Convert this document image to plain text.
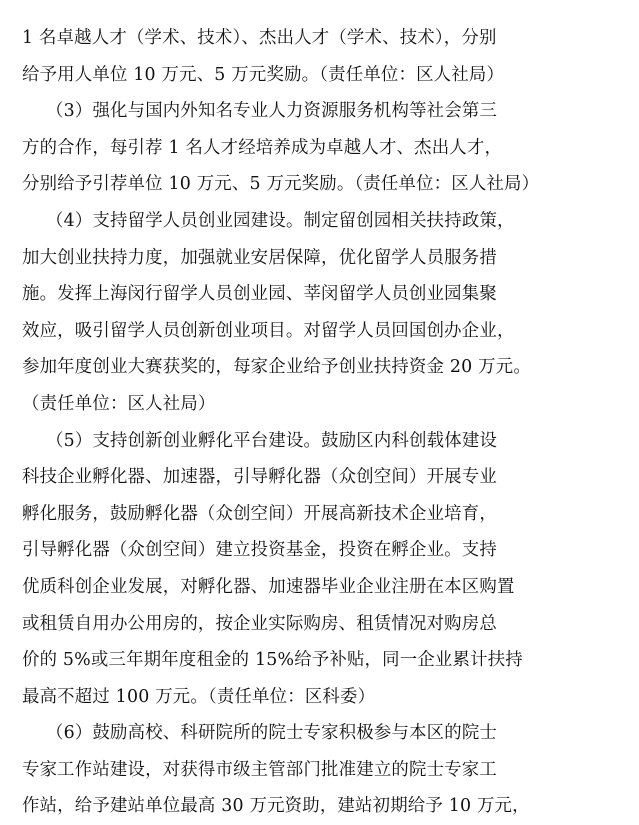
1 名卓越人才（学术、技术）、杰出人才（学术、技术），分别
给予用人单位 10 万元、5 万元奖励。（责任单位：区人社局）
（3）强化与国内外知名专业人力资源服务机构等社会第三
方的合作，每引荐 1 名人才经培养成为卓越人才、杰出人才，
分别给予引荐单位 10 万元、5 万元奖励。（责任单位：区人社局）
（4）支持留学人员创业园建设。制定留创园相关扶持政策，
加大创业扶持力度，加强就业安居保障，优化留学人员服务措
施。发挥上海闵行留学人员创业园、莘闵留学人员创业园集聚
效应，吸引留学人员创新创业项目。对留学人员回国创办企业，
参加年度创业大赛获奖的，每家企业给予创业扶持资金 20 万元。
（责任单位：区人社局）
（5）支持创新创业孵化平台建设。鼓励区内科创载体建设
科技企业孵化器、加速器，引导孵化器（众创空间）开展专业
孵化服务，鼓励孵化器（众创空间）开展高新技术企业培育，
引导孵化器（众创空间）建立投资基金，投资在孵企业。支持
优质科创企业发展，对孵化器、加速器毕业企业注册在本区购置
或租赁自用办公用房的，按企业实际购房、租赁情况对购房总
价的 5%或三年期年度租金的 15%给予补贴，同一企业累计扶持
最高不超过 100 万元。（责任单位：区科委）
（6）鼓励高校、科研院所的院士专家积极参与本区的院士
专家工作站建设，对获得市级主管部门批准建立的院士专家工
作站，给予建站单位最高 30 万元资助，建站初期给予 10 万元，
